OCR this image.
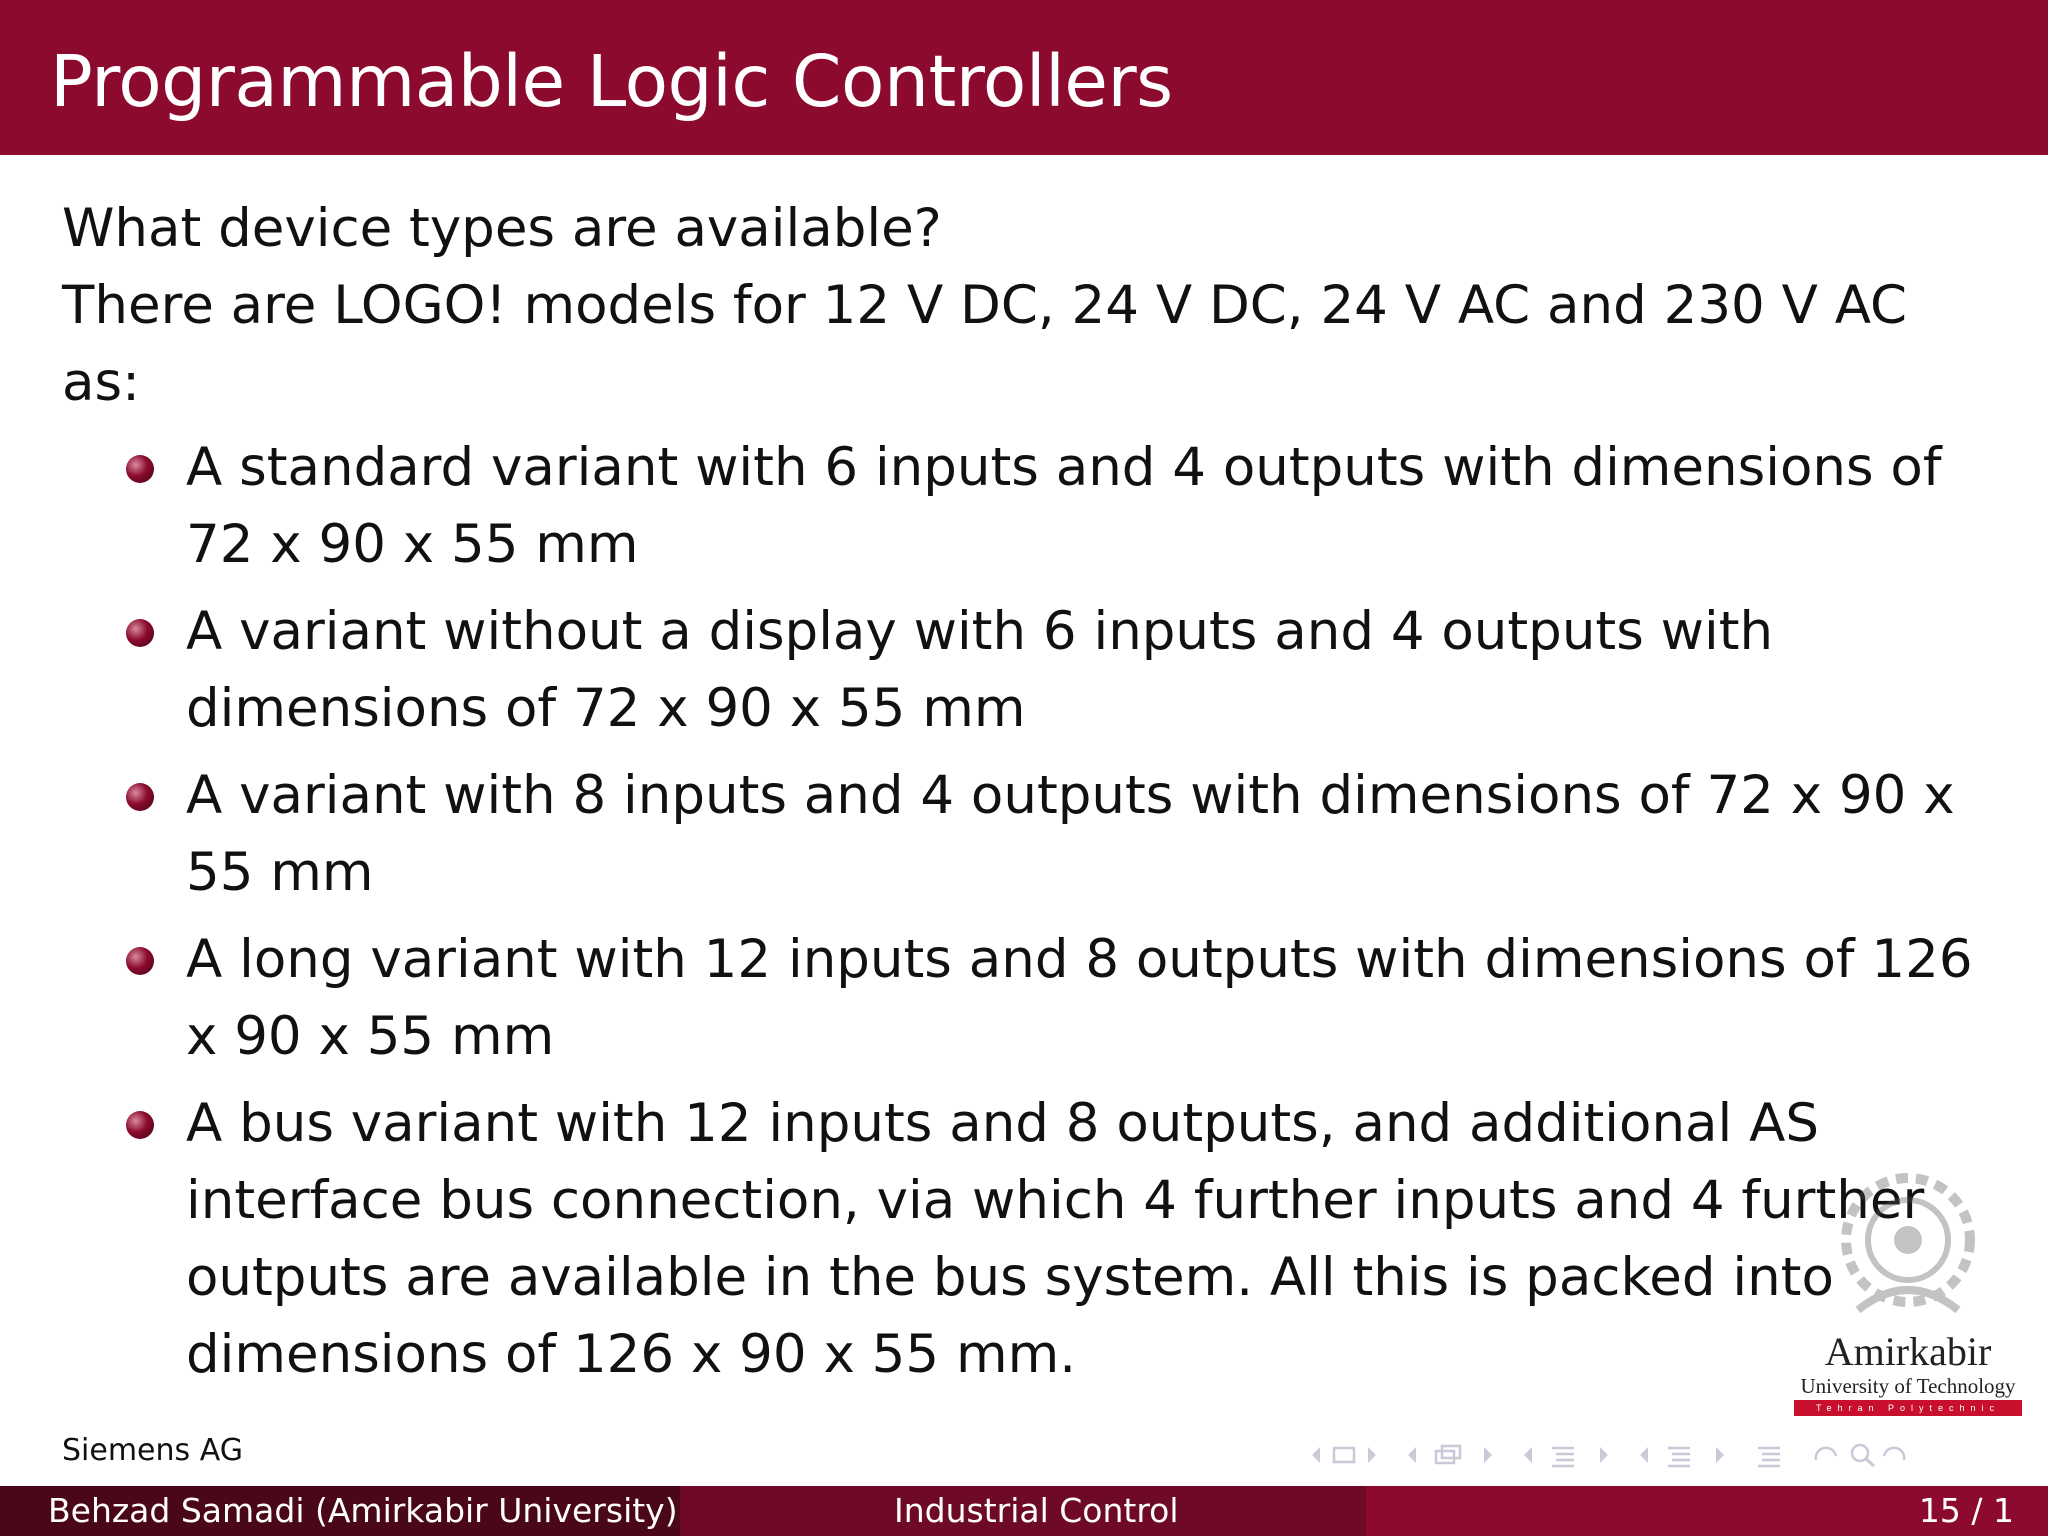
Programmable Logic Controllers

What device types are available?

There are LOGO! models for 12 V DC, 24 V DC, 24 V AC and 230 V AC as:

A standard variant with 6 inputs and 4 outputs with dimensions of 72 x 90 x 55 mm
A variant without a display with 6 inputs and 4 outputs with dimensions of 72 x 90 x 55 mm
A variant with 8 inputs and 4 outputs with dimensions of 72 x 90 x 55 mm
A long variant with 12 inputs and 8 outputs with dimensions of 126 x 90 x 55 mm
A bus variant with 12 inputs and 8 outputs, and additional AS interface bus connection, via which 4 further inputs and 4 further outputs are available in the bus system. All this is packed into dimensions of 126 x 90 x 55 mm.
Siemens AG
Amirkabir
University of Technology
Tehran Polytechnic
Behzad Samadi (Amirkabir University)	Industrial Control	15 / 1
